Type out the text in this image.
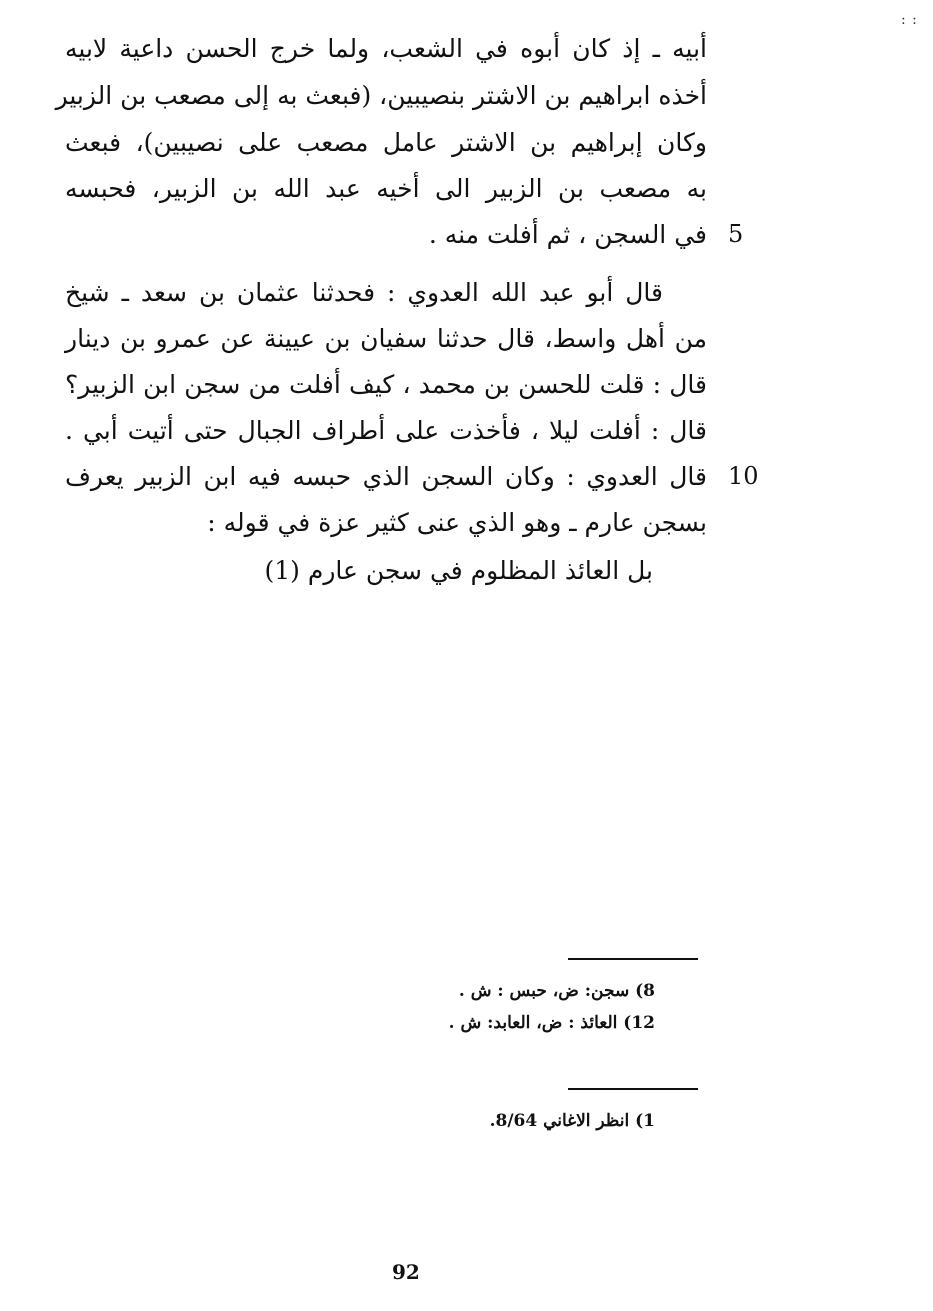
: :
أبيه ـ إذ كان أبوه في الشعب، ولما خرج الحسن داعية لابيه
أخذه ابراهيم بن الاشتر بنصيبين، (فبعث به إلى مصعب بن الزبير
وكان إبراهيم بن الاشتر عامل مصعب على نصيبين)، فبعث
به مصعب بن الزبير الى أخيه عبد الله بن الزبير، فحبسه
في السجن ، ثم أفلت منه . 5
قال أبو عبد الله العدوي : فحدثنا عثمان بن سعد ـ شيخ
من أهل واسط، قال حدثنا سفيان بن عيينة عن عمرو بن دينار
قال : قلت للحسن بن محمد ، كيف أفلت من سجن ابن الزبير؟
قال : أفلت ليلا ، فأخذت على أطراف الجبال حتى أتيت أبي .
قال العدوي : وكان السجن الذي حبسه فيه ابن الزبير يعرف 10
بسجن عارم ـ وهو الذي عنى كثير عزة في قوله :
بل العائذ المظلوم في سجن عارم (1)
8) سجن: ض، حبس : ش .
12) العائذ : ض، العابد: ش .
1) انظر الاغاني 8/64.
92
